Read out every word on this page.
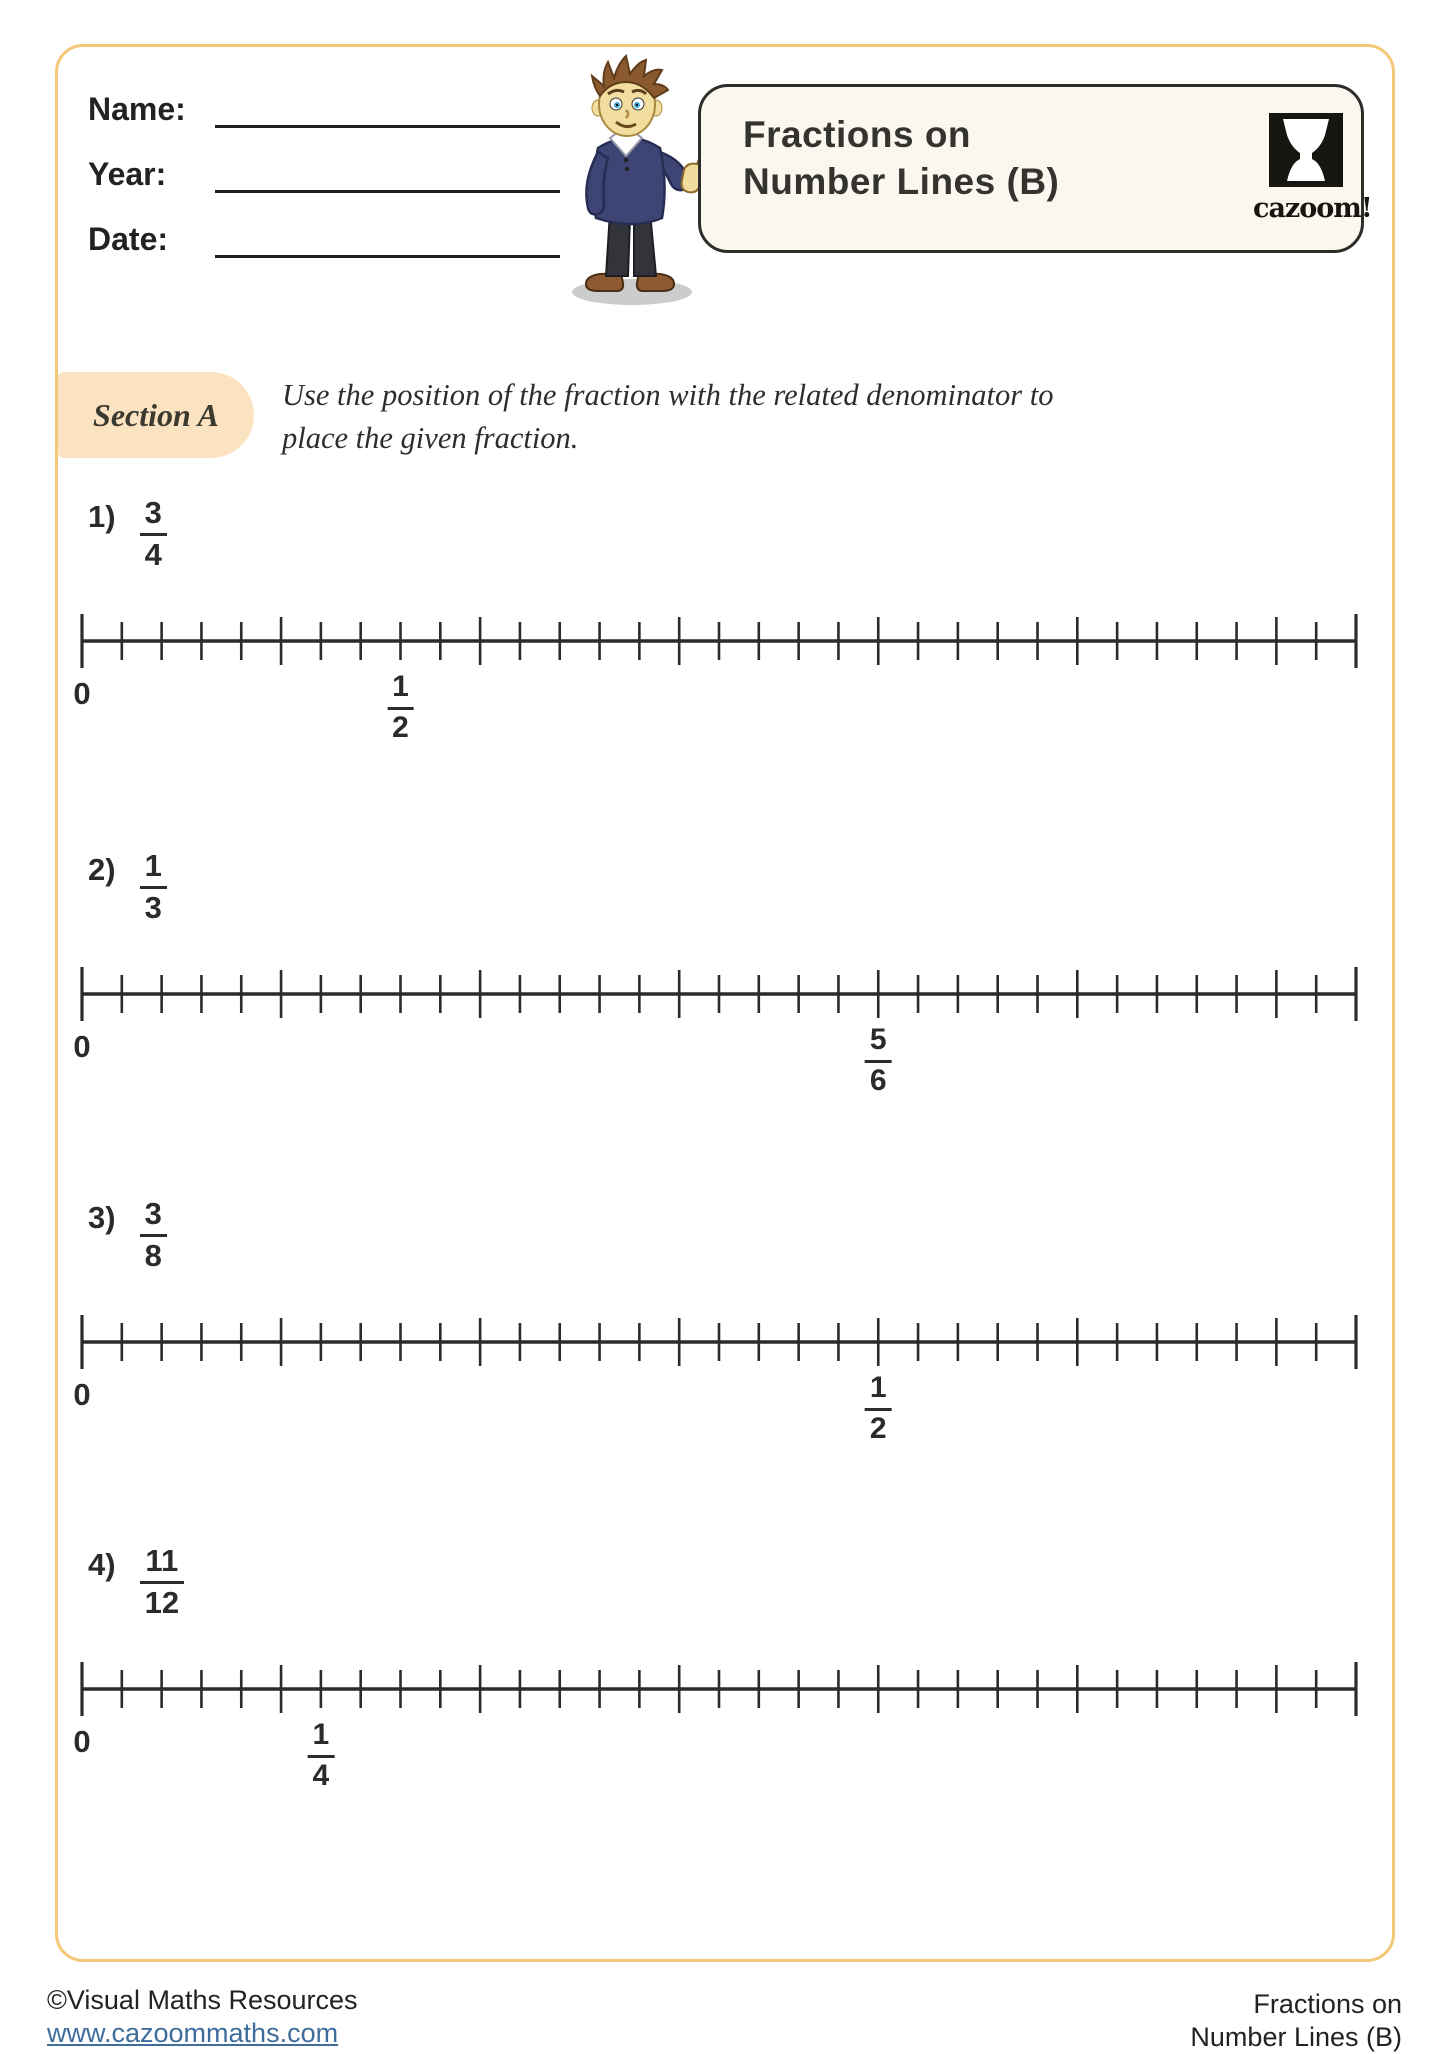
Name:
Year:
Date:
Fractions on
Number Lines (B)
cazoom!
Section A
Use the position of the fraction with the related denominator to
place the given fraction.
$1) \frac{3}{4}$
0	$\frac{1}{2}$
$2) \frac{1}{3}$
0	$\frac{5}{6}$
$3) \frac{3}{8}$
0	$\frac{1}{2}$
$4) \frac{11}{12}$
0	$\frac{1}{4}$
©Visual Maths Resources
www.cazoommaths.com
Fractions on
Number Lines (B)
